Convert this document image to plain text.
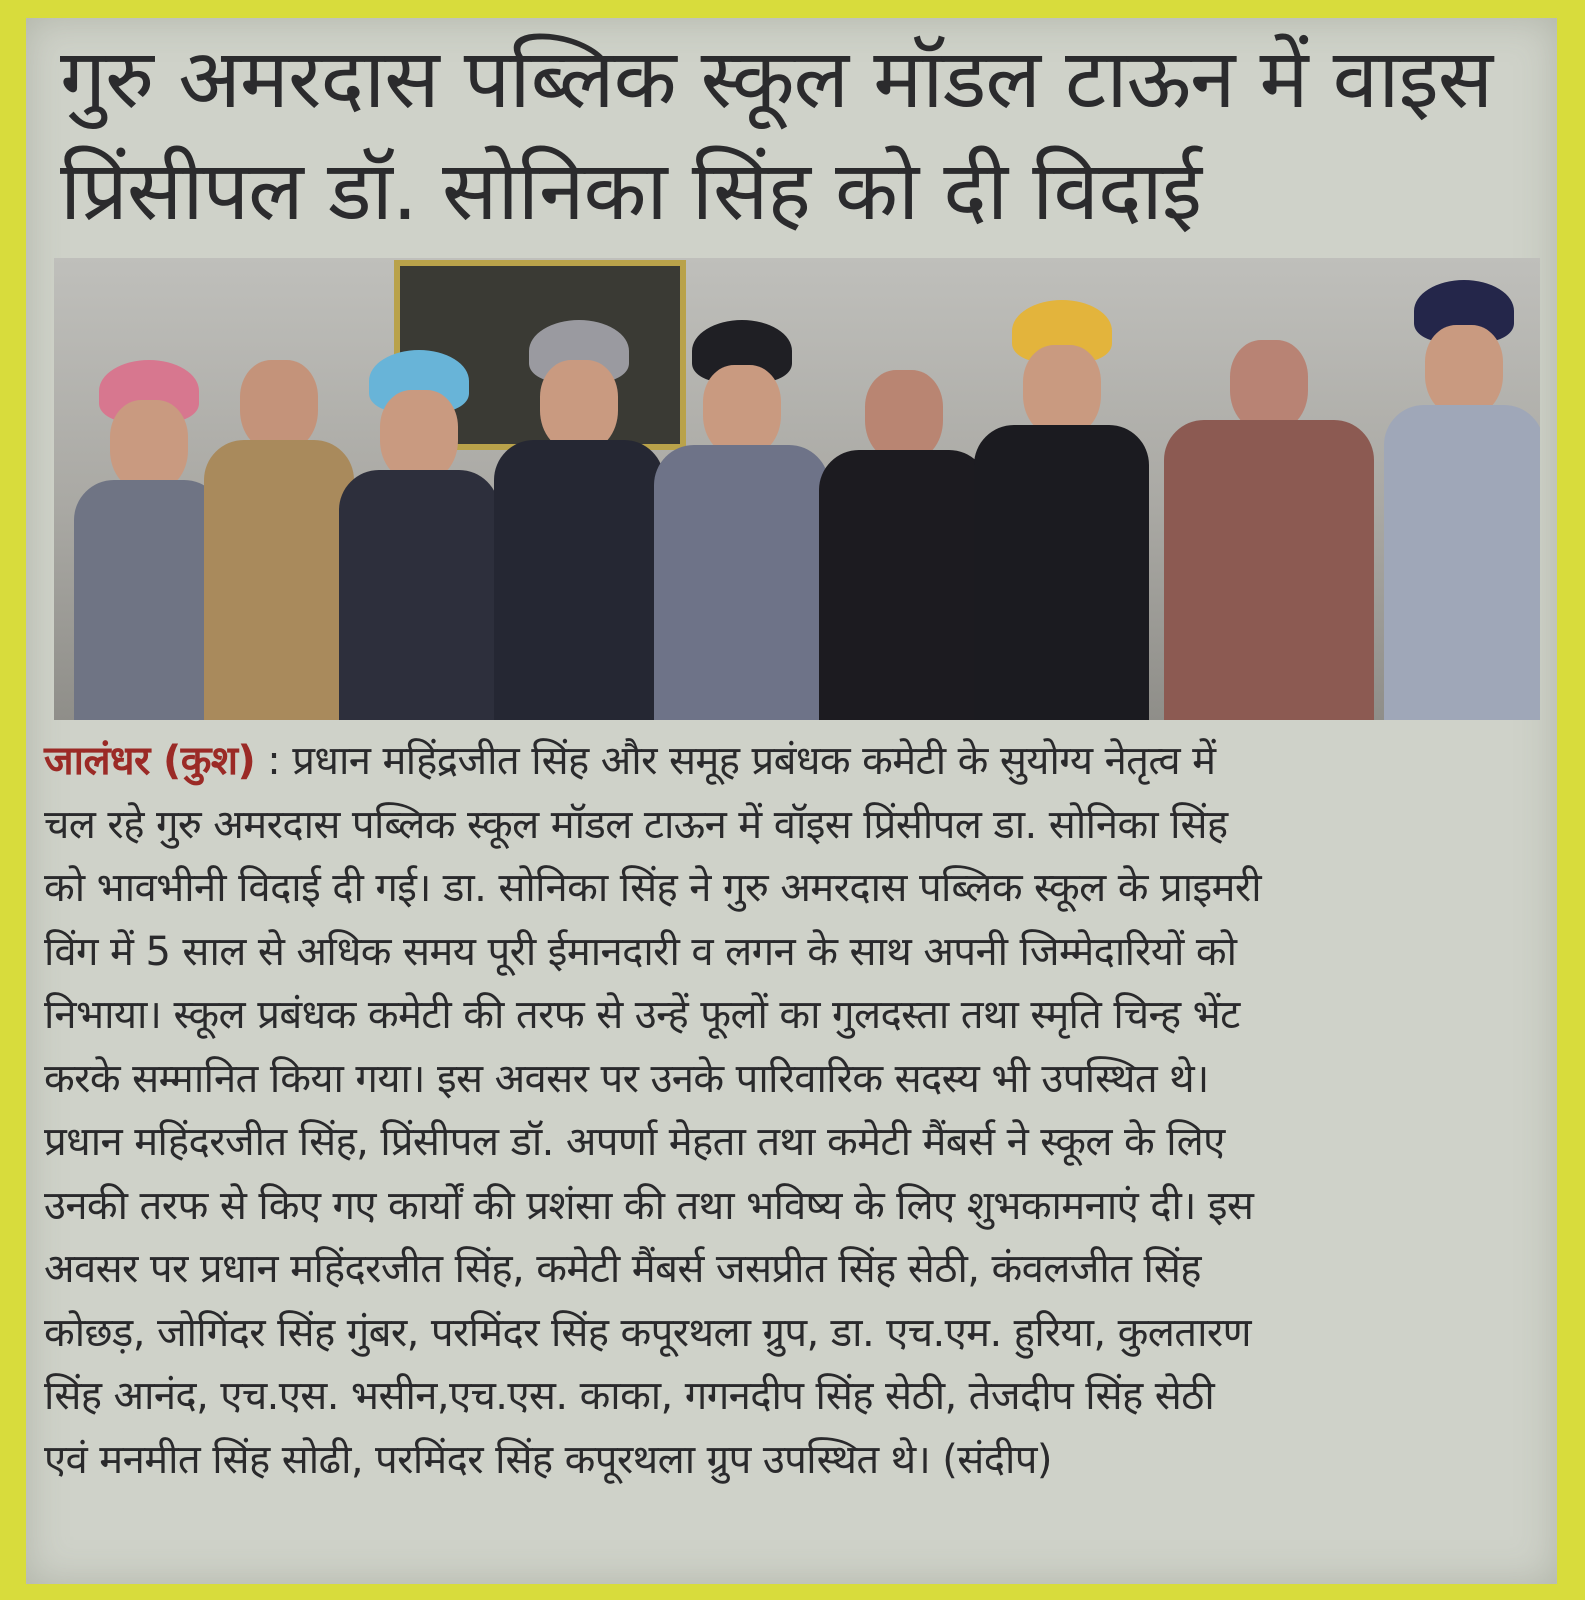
गुरु अमरदास पब्लिक स्कूल मॉडल टाऊन में वाइस
प्रिंसीपल डॉ. सोनिका सिंह को दी विदाई
जालंधर (कुश) : प्रधान महिंद्रजीत सिंह और समूह प्रबंधक कमेटी के सुयोग्य नेतृत्व में
चल रहे गुरु अमरदास पब्लिक स्कूल मॉडल टाऊन में वॉइस प्रिंसीपल डा. सोनिका सिंह
को भावभीनी विदाई दी गई। डा. सोनिका सिंह ने गुरु अमरदास पब्लिक स्कूल के प्राइमरी
विंग में 5 साल से अधिक समय पूरी ईमानदारी व लगन के साथ अपनी जिम्मेदारियों को
निभाया। स्कूल प्रबंधक कमेटी की तरफ से उन्हें फूलों का गुलदस्ता तथा स्मृति चिन्ह भेंट
करके सम्मानित किया गया। इस अवसर पर उनके पारिवारिक सदस्य भी उपस्थित थे।
प्रधान महिंदरजीत सिंह, प्रिंसीपल डॉ. अपर्णा मेहता तथा कमेटी मैंबर्स ने स्कूल के लिए
उनकी तरफ से किए गए कार्यों की प्रशंसा की तथा भविष्य के लिए शुभकामनाएं दी। इस
अवसर पर प्रधान महिंदरजीत सिंह, कमेटी मैंबर्स जसप्रीत सिंह सेठी, कंवलजीत सिंह
कोछड़, जोगिंदर सिंह गुंबर, परमिंदर सिंह कपूरथला ग्रुप, डा. एच.एम. हुरिया, कुलतारण
सिंह आनंद, एच.एस. भसीन,एच.एस. काका, गगनदीप सिंह सेठी, तेजदीप सिंह सेठी
एवं मनमीत सिंह सोढी, परमिंदर सिंह कपूरथला ग्रुप उपस्थित थे। (संदीप)
